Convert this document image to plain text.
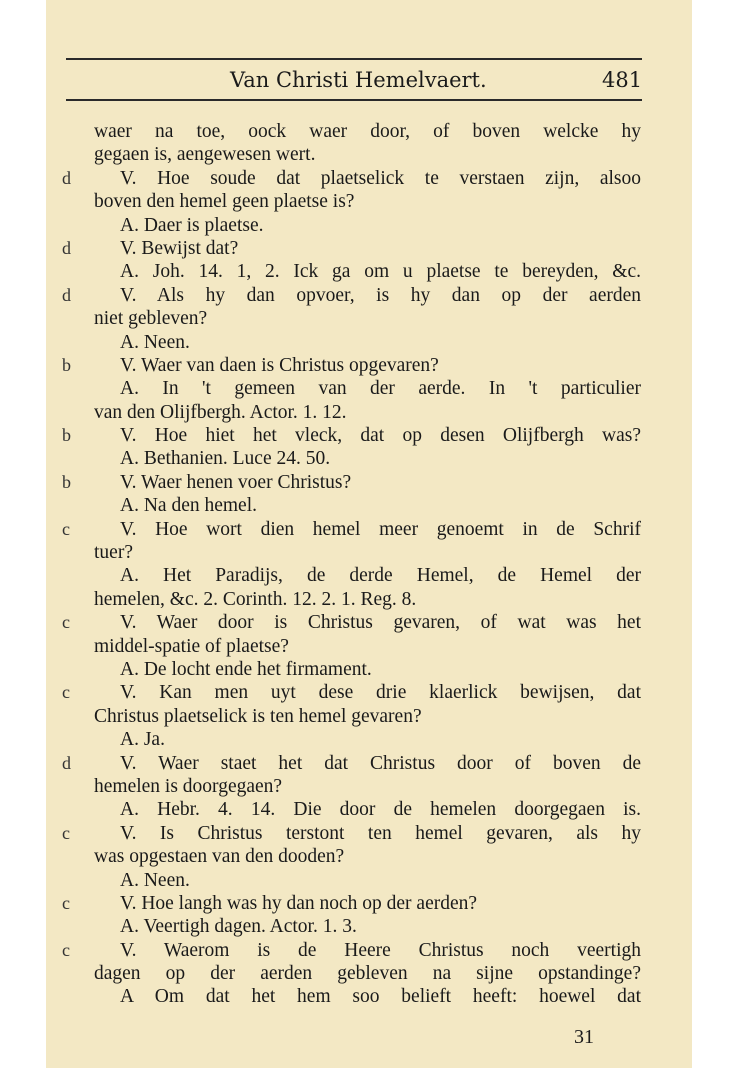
Van Christi Hemelvaert.	481
waer na toe, oock waer door, of boven welcke hy
gegaen is, aengewesen wert.
d	V. Hoe soude dat plaetselick te verstaen zijn, alsoo
boven den hemel geen plaetse is?
A. Daer is plaetse.
d	V. Bewijst dat?
A. Joh. 14. 1, 2. Ick ga om u plaetse te bereyden, &c.
d	V. Als hy dan opvoer, is hy dan op der aerden
niet gebleven?
A. Neen.
b	V. Waer van daen is Christus opgevaren?
A. In 't gemeen van der aerde. In 't particulier
van den Olijfbergh. Actor. 1. 12.
b	V. Hoe hiet het vleck, dat op desen Olijfbergh was?
A. Bethanien. Luce 24. 50.
b	V. Waer henen voer Christus?
A. Na den hemel.
c	V. Hoe wort dien hemel meer genoemt in de Schrif
tuer?
A. Het Paradijs, de derde Hemel, de Hemel der
hemelen, &c. 2. Corinth. 12. 2. 1. Reg. 8.
c	V. Waer door is Christus gevaren, of wat was het
middel-spatie of plaetse?
A. De locht ende het firmament.
c	V. Kan men uyt dese drie klaerlick bewijsen, dat
Christus plaetselick is ten hemel gevaren?
A. Ja.
d	V. Waer staet het dat Christus door of boven de
hemelen is doorgegaen?
A. Hebr. 4. 14. Die door de hemelen doorgegaen is.
c	V. Is Christus terstont ten hemel gevaren, als hy
was opgestaen van den dooden?
A. Neen.
c	V. Hoe langh was hy dan noch op der aerden?
A. Veertigh dagen. Actor. 1. 3.
c	V. Waerom is de Heere Christus noch veertigh
dagen op der aerden gebleven na sijne opstandinge?
A Om dat het hem soo belieft heeft: hoewel dat
31
